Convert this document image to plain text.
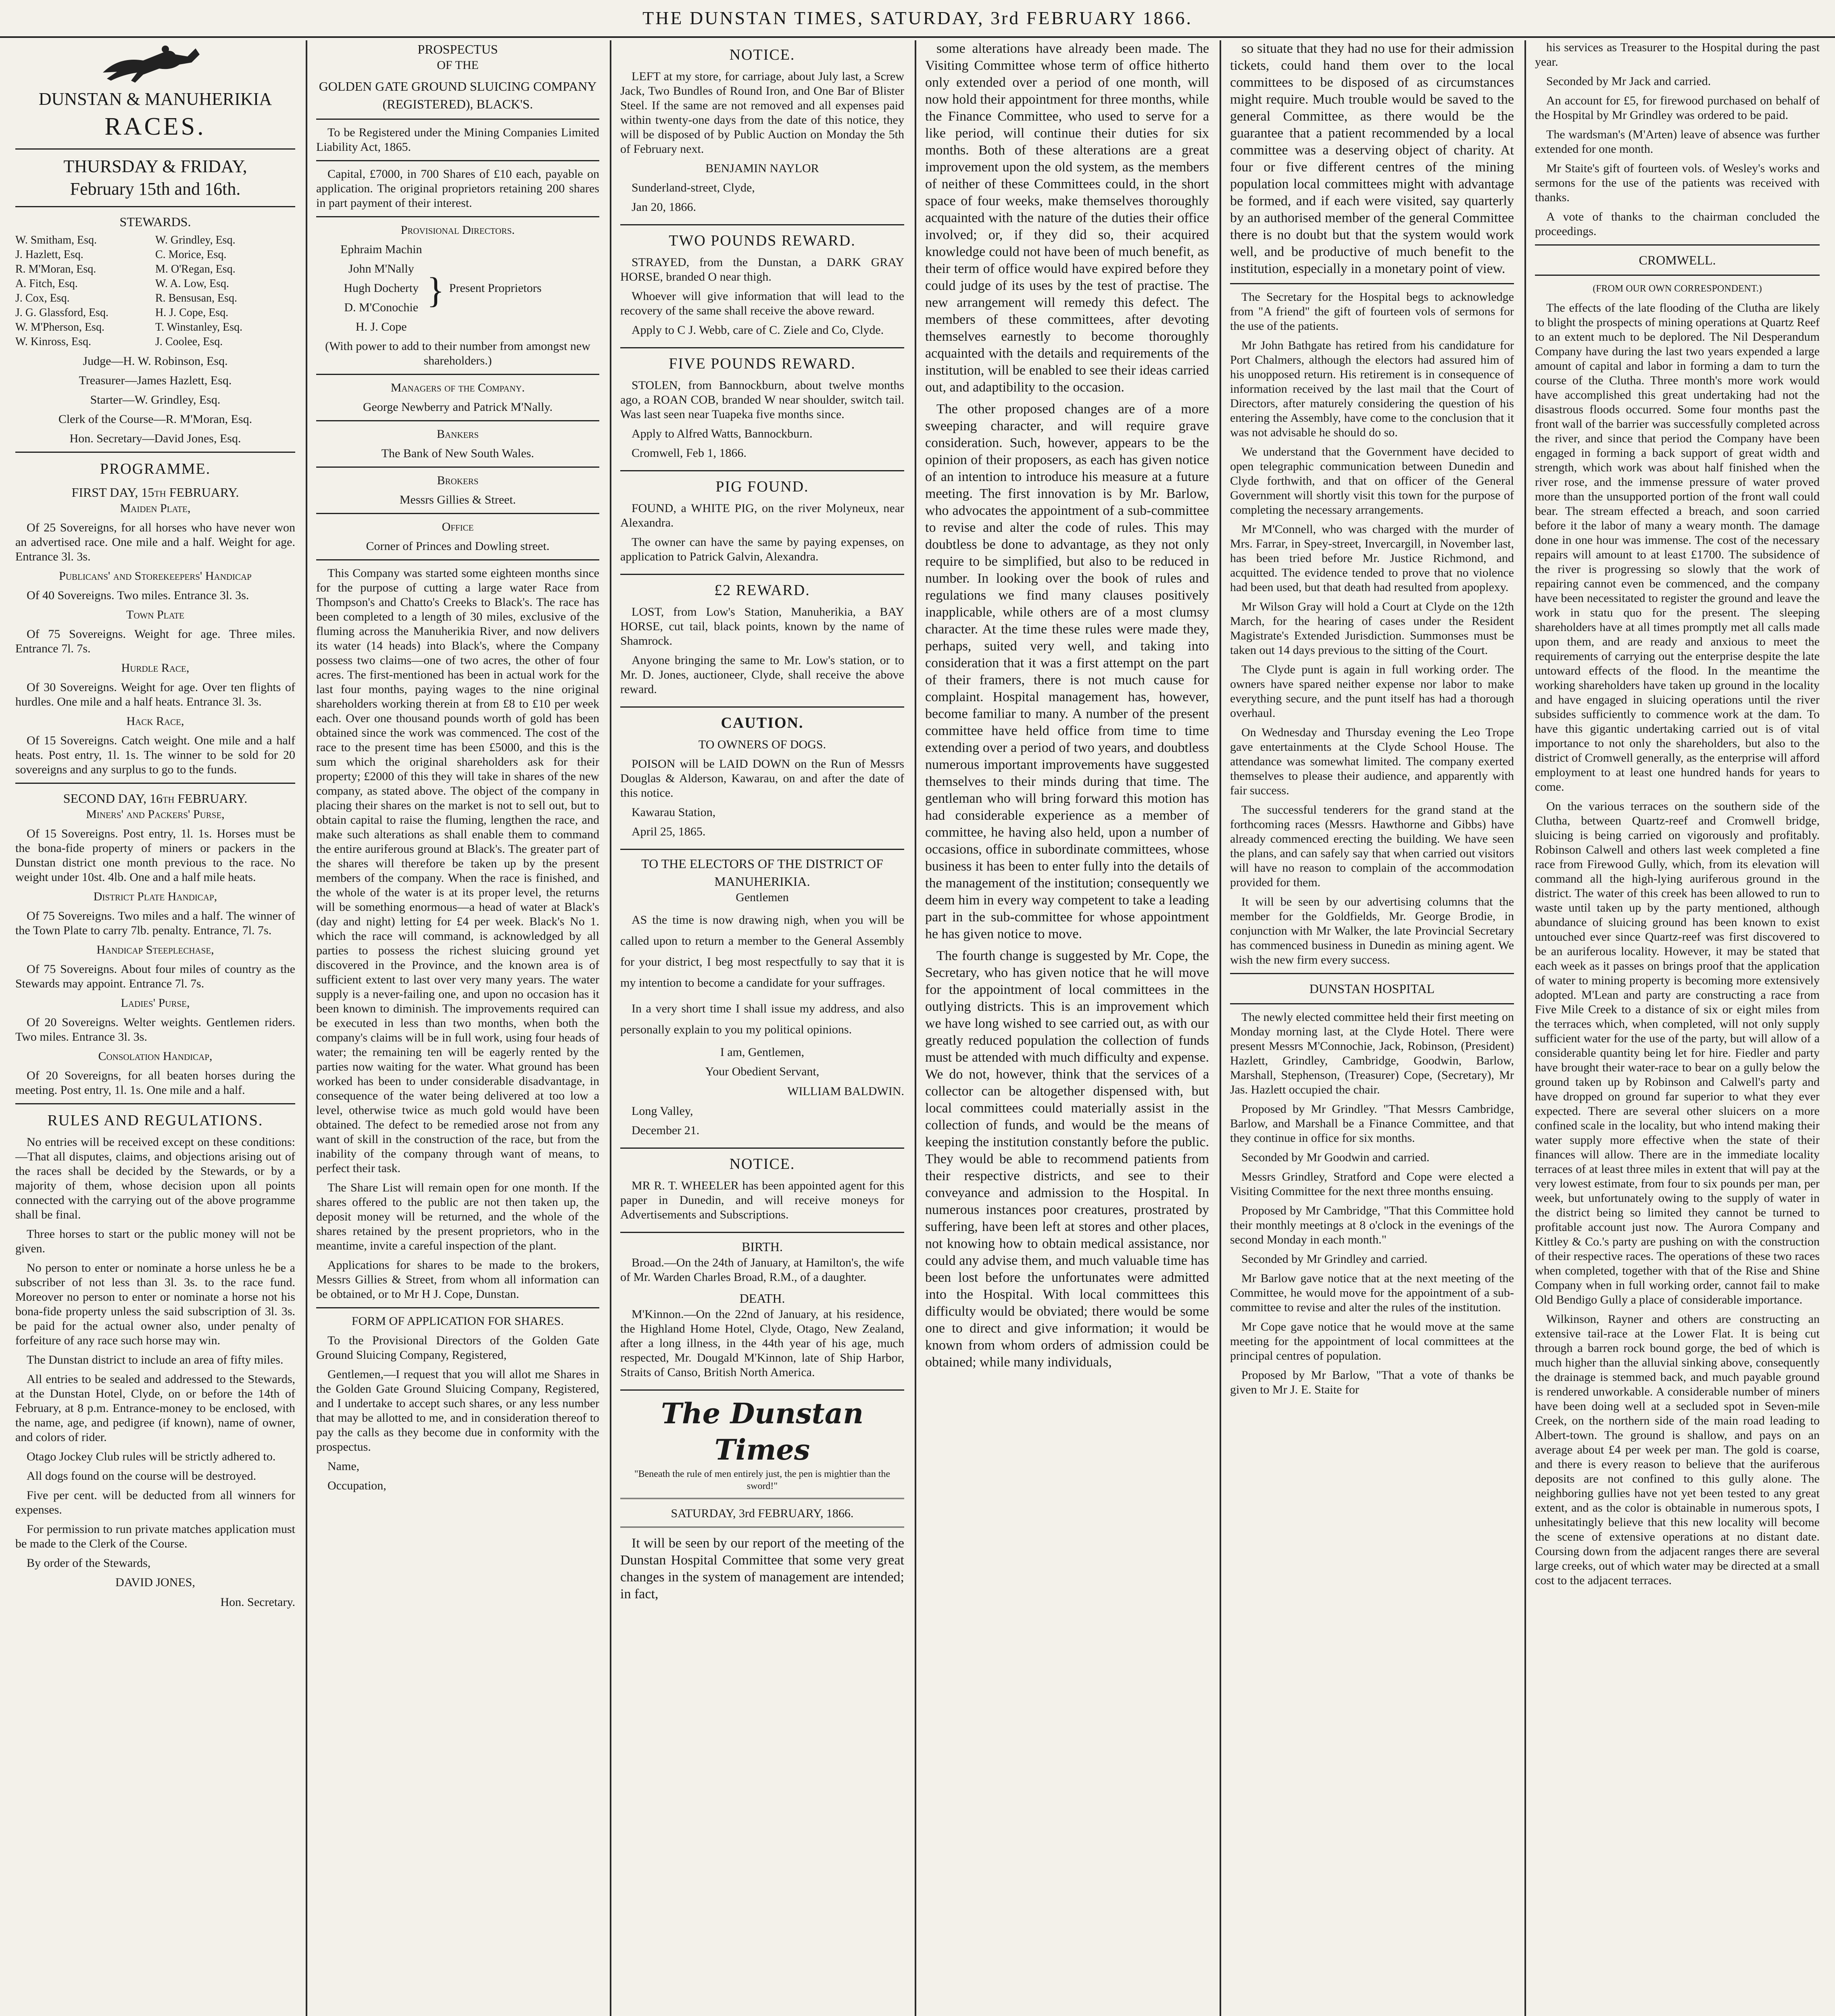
THE DUNSTAN TIMES, SATURDAY, 3rd FEBRUARY 1866.
DUNSTAN & MANUHERIKIA
RACES.
THURSDAY & FRIDAY,
February 15th and 16th.
STEWARDS.
W. Smitham, Esq.	W. Grindley, Esq.
J. Hazlett, Esq.	C. Morice, Esq.
R. M'Moran, Esq.	M. O'Regan, Esq.
A. Fitch, Esq.	W. A. Low, Esq.
J. Cox, Esq.	R. Bensusan, Esq.
J. G. Glassford, Esq.	H. J. Cope, Esq.
W. M'Pherson, Esq.	T. Winstanley, Esq.
W. Kinross, Esq.	J. Coolee, Esq.

Judge—H. W. Robinson, Esq.

Treasurer—James Hazlett, Esq.

Starter—W. Grindley, Esq.

Clerk of the Course—R. M'Moran, Esq.

Hon. Secretary—David Jones, Esq.

PROGRAMME.
FIRST DAY, 15th FEBRUARY.

Maiden Plate,

Of 25 Sovereigns, for all horses who have never won an advertised race. One mile and a half. Weight for age. Entrance 3l. 3s.

Publicans' and Storekeepers' Handicap

Of 40 Sovereigns. Two miles. Entrance 3l. 3s.

Town Plate

Of 75 Sovereigns. Weight for age. Three miles. Entrance 7l. 7s.

Hurdle Race,

Of 30 Sovereigns. Weight for age. Over ten flights of hurdles. One mile and a half heats. Entrance 3l. 3s.

Hack Race,

Of 15 Sovereigns. Catch weight. One mile and a half heats. Post entry, 1l. 1s. The winner to be sold for 20 sovereigns and any surplus to go to the funds.

SECOND DAY, 16th FEBRUARY.

Miners' and Packers' Purse,

Of 15 Sovereigns. Post entry, 1l. 1s. Horses must be the bona-fide property of miners or packers in the Dunstan district one month previous to the race. No weight under 10st. 4lb. One and a half mile heats.

District Plate Handicap,

Of 75 Sovereigns. Two miles and a half. The winner of the Town Plate to carry 7lb. penalty. Entrance, 7l. 7s.

Handicap Steeplechase,

Of 75 Sovereigns. About four miles of country as the Stewards may appoint. Entrance 7l. 7s.

Ladies' Purse,

Of 20 Sovereigns. Welter weights. Gentlemen riders. Two miles. Entrance 3l. 3s.

Consolation Handicap,

Of 20 Sovereigns, for all beaten horses during the meeting. Post entry, 1l. 1s. One mile and a half.

RULES AND REGULATIONS.

No entries will be received except on these conditions:—That all disputes, claims, and objections arising out of the races shall be decided by the Stewards, or by a majority of them, whose decision upon all points connected with the carrying out of the above programme shall be final.

Three horses to start or the public money will not be given.

No person to enter or nominate a horse unless he be a subscriber of not less than 3l. 3s. to the race fund. Moreover no person to enter or nominate a horse not his bona-fide property unless the said subscription of 3l. 3s. be paid for the actual owner also, under penalty of forfeiture of any race such horse may win.

The Dunstan district to include an area of fifty miles.

All entries to be sealed and addressed to the Stewards, at the Dunstan Hotel, Clyde, on or before the 14th of February, at 8 p.m. Entrance-money to be enclosed, with the name, age, and pedigree (if known), name of owner, and colors of rider.

Otago Jockey Club rules will be strictly adhered to.

All dogs found on the course will be destroyed.

Five per cent. will be deducted from all winners for expenses.

For permission to run private matches application must be made to the Clerk of the Course.

By order of the Stewards,

DAVID JONES,

Hon. Secretary.

PROSPECTUS

OF THE

GOLDEN GATE GROUND SLUICING COMPANY (REGISTERED), BLACK'S.

To be Registered under the Mining Companies Limited Liability Act, 1865.

Capital, £7000, in 700 Shares of £10 each, payable on application. The original proprietors retaining 200 shares in part payment of their interest.

Provisional Directors.

Ephraim Machin

John M'Nally

Hugh Docherty

D. M'Conochie

H. J. Cope

} Present Proprietors

(With power to add to their number from amongst new shareholders.)

Managers of the Company.

George Newberry and Patrick M'Nally.

Bankers

The Bank of New South Wales.

Brokers

Messrs Gillies & Street.

Office

Corner of Princes and Dowling street.

This Company was started some eighteen months since for the purpose of cutting a large water Race from Thompson's and Chatto's Creeks to Black's. The race has been completed to a length of 30 miles, exclusive of the fluming across the Manuherikia River, and now delivers its water (14 heads) into Black's, where the Company possess two claims—one of two acres, the other of four acres. The first-mentioned has been in actual work for the last four months, paying wages to the nine original shareholders working therein at from £8 to £10 per week each. Over one thousand pounds worth of gold has been obtained since the work was commenced. The cost of the race to the present time has been £5000, and this is the sum which the original shareholders ask for their property; £2000 of this they will take in shares of the new company, as stated above. The object of the company in placing their shares on the market is not to sell out, but to obtain capital to raise the fluming, lengthen the race, and make such alterations as shall enable them to command the entire auriferous ground at Black's. The greater part of the shares will therefore be taken up by the present members of the company. When the race is finished, and the whole of the water is at its proper level, the returns will be something enormous—a head of water at Black's (day and night) letting for £4 per week. Black's No 1. which the race will command, is acknowledged by all parties to possess the richest sluicing ground yet discovered in the Province, and the known area is of sufficient extent to last over very many years. The water supply is a never-failing one, and upon no occasion has it been known to diminish. The improvements required can be executed in less than two months, when both the company's claims will be in full work, using four heads of water; the remaining ten will be eagerly rented by the parties now waiting for the water. What ground has been worked has been to under considerable disadvantage, in consequence of the water being delivered at too low a level, otherwise twice as much gold would have been obtained. The defect to be remedied arose not from any want of skill in the construction of the race, but from the inability of the company through want of means, to perfect their task.

The Share List will remain open for one month. If the shares offered to the public are not then taken up, the deposit money will be returned, and the whole of the shares retained by the present proprietors, who in the meantime, invite a careful inspection of the plant.

Applications for shares to be made to the brokers, Messrs Gillies & Street, from whom all information can be obtained, or to Mr H J. Cope, Dunstan.

FORM OF APPLICATION FOR SHARES.

To the Provisional Directors of the Golden Gate Ground Sluicing Company, Registered,

Gentlemen,—I request that you will allot me Shares in the Golden Gate Ground Sluicing Company, Registered, and I undertake to accept such shares, or any less number that may be allotted to me, and in consideration thereof to pay the calls as they become due in conformity with the prospectus.

Name,

Occupation,

NOTICE.

LEFT at my store, for carriage, about July last, a Screw Jack, Two Bundles of Round Iron, and One Bar of Blister Steel. If the same are not removed and all expenses paid within twenty-one days from the date of this notice, they will be disposed of by Public Auction on Monday the 5th of February next.

BENJAMIN NAYLOR

Sunderland-street, Clyde,

Jan 20, 1866.

TWO POUNDS REWARD.

STRAYED, from the Dunstan, a DARK GRAY HORSE, branded O near thigh.

Whoever will give information that will lead to the recovery of the same shall receive the above reward.

Apply to C J. Webb, care of C. Ziele and Co, Clyde.

FIVE POUNDS REWARD.

STOLEN, from Bannockburn, about twelve months ago, a ROAN COB, branded W near shoulder, switch tail. Was last seen near Tuapeka five months since.

Apply to Alfred Watts, Bannockburn.

Cromwell, Feb 1, 1866.

PIG FOUND.

FOUND, a WHITE PIG, on the river Molyneux, near Alexandra.

The owner can have the same by paying expenses, on application to Patrick Galvin, Alexandra.

£2 REWARD.

LOST, from Low's Station, Manuherikia, a BAY HORSE, cut tail, black points, known by the name of Shamrock.

Anyone bringing the same to Mr. Low's station, or to Mr. D. Jones, auctioneer, Clyde, shall receive the above reward.

CAUTION.

TO OWNERS OF DOGS.

POISON will be LAID DOWN on the Run of Messrs Douglas & Alderson, Kawarau, on and after the date of this notice.

Kawarau Station,

April 25, 1865.

TO THE ELECTORS OF THE DISTRICT OF MANUHERIKIA.

Gentlemen

AS the time is now drawing nigh, when you will be called upon to return a member to the General Assembly for your district, I beg most respectfully to say that it is my intention to become a candidate for your suffrages.

In a very short time I shall issue my address, and also personally explain to you my political opinions.

I am, Gentlemen,

Your Obedient Servant,

WILLIAM BALDWIN.

Long Valley,

December 21.

NOTICE.

MR R. T. WHEELER has been appointed agent for this paper in Dunedin, and will receive moneys for Advertisements and Subscriptions.

BIRTH.

Broad.—On the 24th of January, at Hamilton's, the wife of Mr. Warden Charles Broad, R.M., of a daughter.

DEATH.

M'Kinnon.—On the 22nd of January, at his residence, the Highland Home Hotel, Clyde, Otago, New Zealand, after a long illness, in the 44th year of his age, much respected, Mr. Dougald M'Kinnon, late of Ship Harbor, Straits of Canso, British North America.

The Dunstan Times

"Beneath the rule of men entirely just, the pen is mightier than the sword!"

SATURDAY, 3rd FEBRUARY, 1866.

It will be seen by our report of the meeting of the Dunstan Hospital Committee that some very great changes in the system of management are intended; in fact,

some alterations have already been made. The Visiting Committee whose term of office hitherto only extended over a period of one month, will now hold their appointment for three months, while the Finance Committee, who used to serve for a like period, will continue their duties for six months. Both of these alterations are a great improvement upon the old system, as the members of neither of these Committees could, in the short space of four weeks, make themselves thoroughly acquainted with the nature of the duties their office involved; or, if they did so, their acquired knowledge could not have been of much benefit, as their term of office would have expired before they could judge of its uses by the test of practise. The new arrangement will remedy this defect. The members of these committees, after devoting themselves earnestly to become thoroughly acquainted with the details and requirements of the institution, will be enabled to see their ideas carried out, and adaptibility to the occasion.

The other proposed changes are of a more sweeping character, and will require grave consideration. Such, however, appears to be the opinion of their proposers, as each has given notice of an intention to introduce his measure at a future meeting. The first innovation is by Mr. Barlow, who advocates the appointment of a sub-committee to revise and alter the code of rules. This may doubtless be done to advantage, as they not only require to be simplified, but also to be reduced in number. In looking over the book of rules and regulations we find many clauses positively inapplicable, while others are of a most clumsy character. At the time these rules were made they, perhaps, suited very well, and taking into consideration that it was a first attempt on the part of their framers, there is not much cause for complaint. Hospital management has, however, become familiar to many. A number of the present committee have held office from time to time extending over a period of two years, and doubtless numerous important improvements have suggested themselves to their minds during that time. The gentleman who will bring forward this motion has had considerable experience as a member of committee, he having also held, upon a number of occasions, office in subordinate committees, whose business it has been to enter fully into the details of the management of the institution; consequently we deem him in every way competent to take a leading part in the sub-committee for whose appointment he has given notice to move.

The fourth change is suggested by Mr. Cope, the Secretary, who has given notice that he will move for the appointment of local committees in the outlying districts. This is an improvement which we have long wished to see carried out, as with our greatly reduced population the collection of funds must be attended with much difficulty and expense. We do not, however, think that the services of a collector can be altogether dispensed with, but local committees could materially assist in the collection of funds, and would be the means of keeping the institution constantly before the public. They would be able to recommend patients from their respective districts, and see to their conveyance and admission to the Hospital. In numerous instances poor creatures, prostrated by suffering, have been left at stores and other places, not knowing how to obtain medical assistance, nor could any advise them, and much valuable time has been lost before the unfortunates were admitted into the Hospital. With local committees this difficulty would be obviated; there would be some one to direct and give information; it would be known from whom orders of admission could be obtained; while many individuals,

so situate that they had no use for their admission tickets, could hand them over to the local committees to be disposed of as circumstances might require. Much trouble would be saved to the general Committee, as there would be the guarantee that a patient recommended by a local committee was a deserving object of charity. At four or five different centres of the mining population local committees might with advantage be formed, and if each were visited, say quarterly by an authorised member of the general Committee there is no doubt but that the system would work well, and be productive of much benefit to the institution, especially in a monetary point of view.

The Secretary for the Hospital begs to acknowledge from "A friend" the gift of fourteen vols of sermons for the use of the patients.

Mr John Bathgate has retired from his candidature for Port Chalmers, although the electors had assured him of his unopposed return. His retirement is in consequence of information received by the last mail that the Court of Directors, after maturely considering the question of his entering the Assembly, have come to the conclusion that it was not advisable he should do so.

We understand that the Government have decided to open telegraphic communication between Dunedin and Clyde forthwith, and that on officer of the General Government will shortly visit this town for the purpose of completing the necessary arrangements.

Mr M'Connell, who was charged with the murder of Mrs. Farrar, in Spey-street, Invercargill, in November last, has been tried before Mr. Justice Richmond, and acquitted. The evidence tended to prove that no violence had been used, but that death had resulted from apoplexy.

Mr Wilson Gray will hold a Court at Clyde on the 12th March, for the hearing of cases under the Resident Magistrate's Extended Jurisdiction. Summonses must be taken out 14 days previous to the sitting of the Court.

The Clyde punt is again in full working order. The owners have spared neither expense nor labor to make everything secure, and the punt itself has had a thorough overhaul.

On Wednesday and Thursday evening the Leo Trope gave entertainments at the Clyde School House. The attendance was somewhat limited. The company exerted themselves to please their audience, and apparently with fair success.

The successful tenderers for the grand stand at the forthcoming races (Messrs. Hawthorne and Gibbs) have already commenced erecting the building. We have seen the plans, and can safely say that when carried out visitors will have no reason to complain of the accommodation provided for them.

It will be seen by our advertising columns that the member for the Goldfields, Mr. George Brodie, in conjunction with Mr Walker, the late Provincial Secretary has commenced business in Dunedin as mining agent. We wish the new firm every success.

DUNSTAN HOSPITAL

The newly elected committee held their first meeting on Monday morning last, at the Clyde Hotel. There were present Messrs M'Connochie, Jack, Robinson, (President) Hazlett, Grindley, Cambridge, Goodwin, Barlow, Marshall, Stephenson, (Treasurer) Cope, (Secretary), Mr Jas. Hazlett occupied the chair.

Proposed by Mr Grindley. "That Messrs Cambridge, Barlow, and Marshall be a Finance Committee, and that they continue in office for six months.

Seconded by Mr Goodwin and carried.

Messrs Grindley, Stratford and Cope were elected a Visiting Committee for the next three months ensuing.

Proposed by Mr Cambridge, "That this Committee hold their monthly meetings at 8 o'clock in the evenings of the second Monday in each month."

Seconded by Mr Grindley and carried.

Mr Barlow gave notice that at the next meeting of the Committee, he would move for the appointment of a sub-committee to revise and alter the rules of the institution.

Mr Cope gave notice that he would move at the same meeting for the appointment of local committees at the principal centres of population.

Proposed by Mr Barlow, "That a vote of thanks be given to Mr J. E. Staite for

his services as Treasurer to the Hospital during the past year.

Seconded by Mr Jack and carried.

An account for £5, for firewood purchased on behalf of the Hospital by Mr Grindley was ordered to be paid.

The wardsman's (M'Arten) leave of absence was further extended for one month.

Mr Staite's gift of fourteen vols. of Wesley's works and sermons for the use of the patients was received with thanks.

A vote of thanks to the chairman concluded the proceedings.

CROMWELL.

(FROM OUR OWN CORRESPONDENT.)

The effects of the late flooding of the Clutha are likely to blight the prospects of mining operations at Quartz Reef to an extent much to be deplored. The Nil Desperandum Company have during the last two years expended a large amount of capital and labor in forming a dam to turn the course of the Clutha. Three month's more work would have accomplished this great undertaking had not the disastrous floods occurred. Some four months past the front wall of the barrier was successfully completed across the river, and since that period the Company have been engaged in forming a back support of great width and strength, which work was about half finished when the river rose, and the immense pressure of water proved more than the unsupported portion of the front wall could bear. The stream effected a breach, and soon carried before it the labor of many a weary month. The damage done in one hour was immense. The cost of the necessary repairs will amount to at least £1700. The subsidence of the river is progressing so slowly that the work of repairing cannot even be commenced, and the company have been necessitated to register the ground and leave the work in statu quo for the present. The sleeping shareholders have at all times promptly met all calls made upon them, and are ready and anxious to meet the requirements of carrying out the enterprise despite the late untoward effects of the flood. In the meantime the working shareholders have taken up ground in the locality and have engaged in sluicing operations until the river subsides sufficiently to commence work at the dam. To have this gigantic undertaking carried out is of vital importance to not only the shareholders, but also to the district of Cromwell generally, as the enterprise will afford employment to at least one hundred hands for years to come.

On the various terraces on the southern side of the Clutha, between Quartz-reef and Cromwell bridge, sluicing is being carried on vigorously and profitably. Robinson Calwell and others last week completed a fine race from Firewood Gully, which, from its elevation will command all the high-lying auriferous ground in the district. The water of this creek has been allowed to run to waste until taken up by the party mentioned, although abundance of sluicing ground has been known to exist untouched ever since Quartz-reef was first discovered to be an auriferous locality. However, it may be stated that each week as it passes on brings proof that the application of water to mining property is becoming more extensively adopted. M'Lean and party are constructing a race from Five Mile Creek to a distance of six or eight miles from the terraces which, when completed, will not only supply sufficient water for the use of the party, but will allow of a considerable quantity being let for hire. Fiedler and party have brought their water-race to bear on a gully below the ground taken up by Robinson and Calwell's party and have dropped on ground far superior to what they ever expected. There are several other sluicers on a more confined scale in the locality, but who intend making their water supply more effective when the state of their finances will allow. There are in the immediate locality terraces of at least three miles in extent that will pay at the very lowest estimate, from four to six pounds per man, per week, but unfortunately owing to the supply of water in the district being so limited they cannot be turned to profitable account just now. The Aurora Company and Kittley & Co.'s party are pushing on with the construction of their respective races. The operations of these two races when completed, together with that of the Rise and Shine Company when in full working order, cannot fail to make Old Bendigo Gully a place of considerable importance.

Wilkinson, Rayner and others are constructing an extensive tail-race at the Lower Flat. It is being cut through a barren rock bound gorge, the bed of which is much higher than the alluvial sinking above, consequently the drainage is stemmed back, and much payable ground is rendered unworkable. A considerable number of miners have been doing well at a secluded spot in Seven-mile Creek, on the northern side of the main road leading to Albert-town. The ground is shallow, and pays on an average about £4 per week per man. The gold is coarse, and there is every reason to believe that the auriferous deposits are not confined to this gully alone. The neighboring gullies have not yet been tested to any great extent, and as the color is obtainable in numerous spots, I unhesitatingly believe that this new locality will become the scene of extensive operations at no distant date. Coursing down from the adjacent ranges there are several large creeks, out of which water may be directed at a small cost to the adjacent terraces.
